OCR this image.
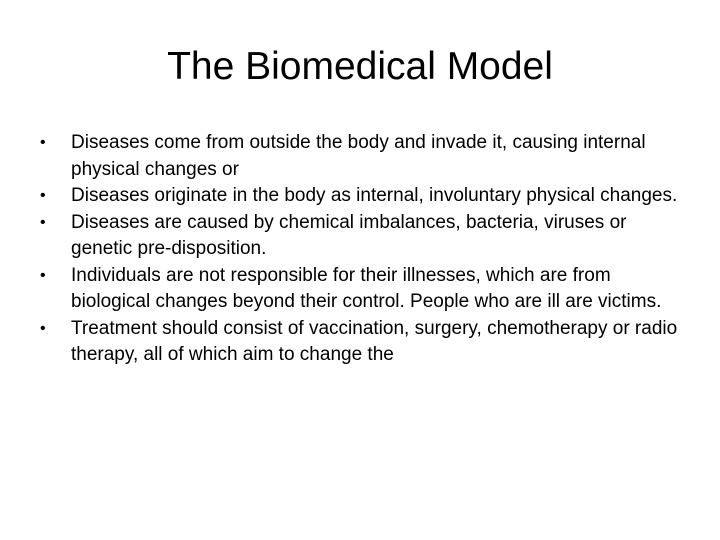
The Biomedical Model
• Diseases come from outside the body and invade it, causing internal physical changes or
• Diseases originate in the body as internal, involuntary physical changes.
• Diseases are caused by chemical imbalances, bacteria, viruses or genetic pre-disposition.
• Individuals are not responsible for their illnesses, which are from biological changes beyond their control. People who are ill are victims.
• Treatment should consist of vaccination, surgery, chemotherapy or radio therapy, all of which aim to change the
